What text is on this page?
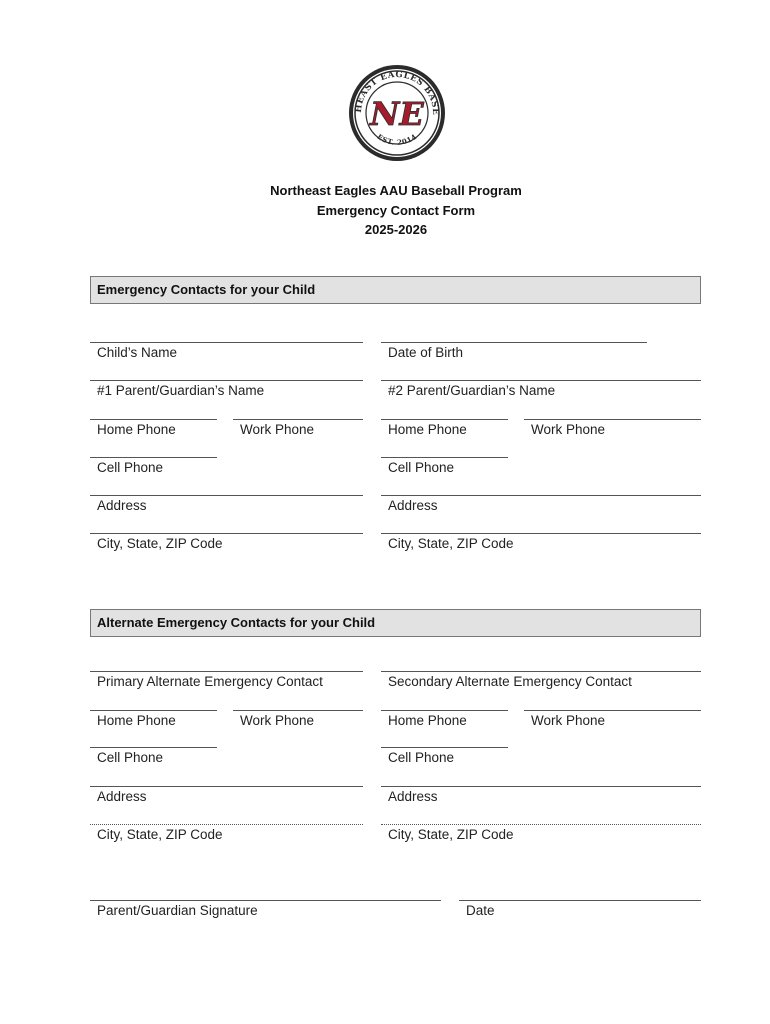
HEAST EAGLES BASE
EST. 2014
NE
Northeast Eagles AAU Baseball Program
Emergency Contact Form
2025-2026
Emergency Contacts for your Child
Child’s Name	Date of Birth
#1 Parent/Guardian’s Name	#2 Parent/Guardian’s Name
Home Phone	Work Phone	Home Phone	Work Phone
Cell Phone	Cell Phone
Address	Address
City, State, ZIP Code	City, State, ZIP Code
Alternate Emergency Contacts for your Child
Primary Alternate Emergency Contact	Secondary Alternate Emergency Contact
Home Phone	Work Phone	Home Phone	Work Phone
Cell Phone	Cell Phone
Address	Address
City, State, ZIP Code	City, State, ZIP Code
Parent/Guardian Signature	Date
